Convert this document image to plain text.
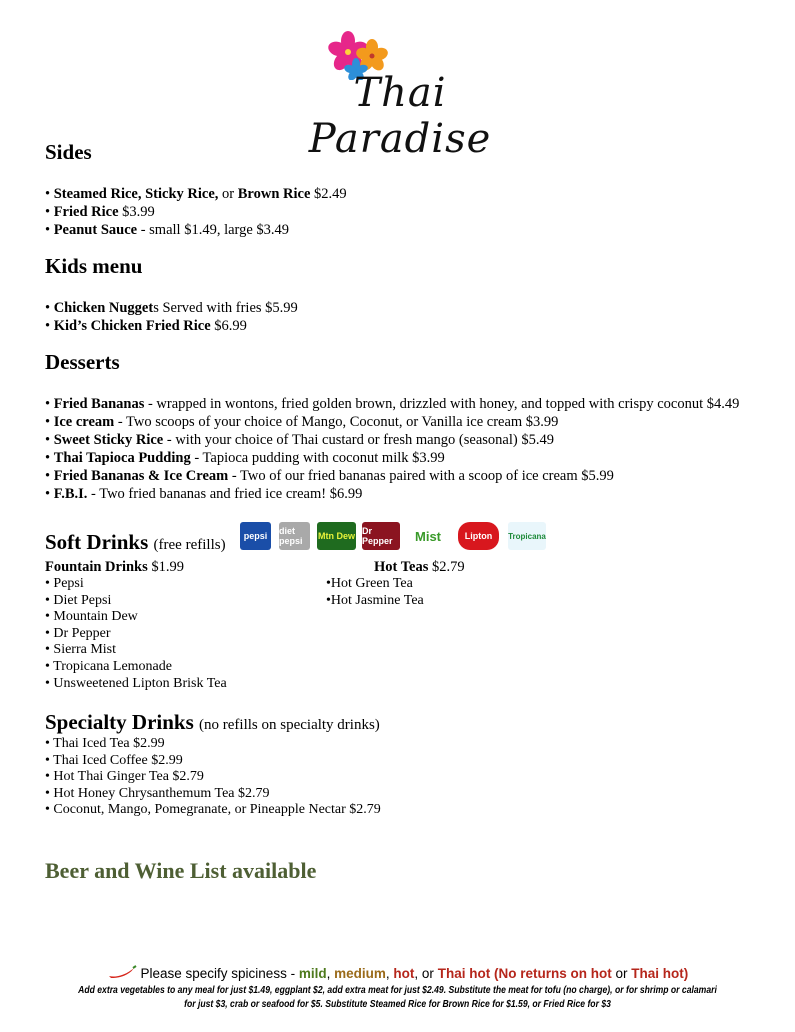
Thai Paradise
Sides
• Steamed Rice, Sticky Rice, or Brown Rice $2.49
• Fried Rice $3.99
• Peanut Sauce - small $1.49, large $3.49
Kids menu
• Chicken Nuggets Served with fries $5.99
• Kid’s Chicken Fried Rice $6.99
Desserts
• Fried Bananas - wrapped in wontons, fried golden brown, drizzled with honey, and topped with crispy coconut $4.49
• Ice cream - Two scoops of your choice of Mango, Coconut, or Vanilla ice cream $3.99
• Sweet Sticky Rice - with your choice of Thai custard or fresh mango (seasonal) $5.49
• Thai Tapioca Pudding - Tapioca pudding with coconut milk $3.99
• Fried Bananas & Ice Cream - Two of our fried bananas paired with a scoop of ice cream $5.99
• F.B.I. - Two fried bananas and fried ice cream! $6.99
Soft Drinks (free refills)
pepsi	diet pepsi	Mtn Dew Dr Pepper	Mist	Lipton	Tropicana
Fountain Drinks $1.99
• Pepsi
• Diet Pepsi
• Mountain Dew
• Dr Pepper
• Sierra Mist
• Tropicana Lemonade
• Unsweetened Lipton Brisk Tea
Hot Teas $2.79
•Hot Green Tea
•Hot Jasmine Tea
Specialty Drinks (no refills on specialty drinks)
• Thai Iced Tea $2.99
• Thai Iced Coffee $2.99
• Hot Thai Ginger Tea $2.79
• Hot Honey Chrysanthemum Tea $2.79
• Coconut, Mango, Pomegranate, or Pineapple Nectar $2.79
Beer and Wine List available
Please specify spiciness - mild, medium, hot, or Thai hot (No returns on hot or Thai hot)
Add extra vegetables to any meal for just $1.49, eggplant $2, add extra meat for just $2.49. Substitute the meat for tofu (no charge), or for shrimp or calamari for just $3, crab or seafood for $5. Substitute Steamed Rice for Brown Rice for $1.59, or Fried Rice for $3
